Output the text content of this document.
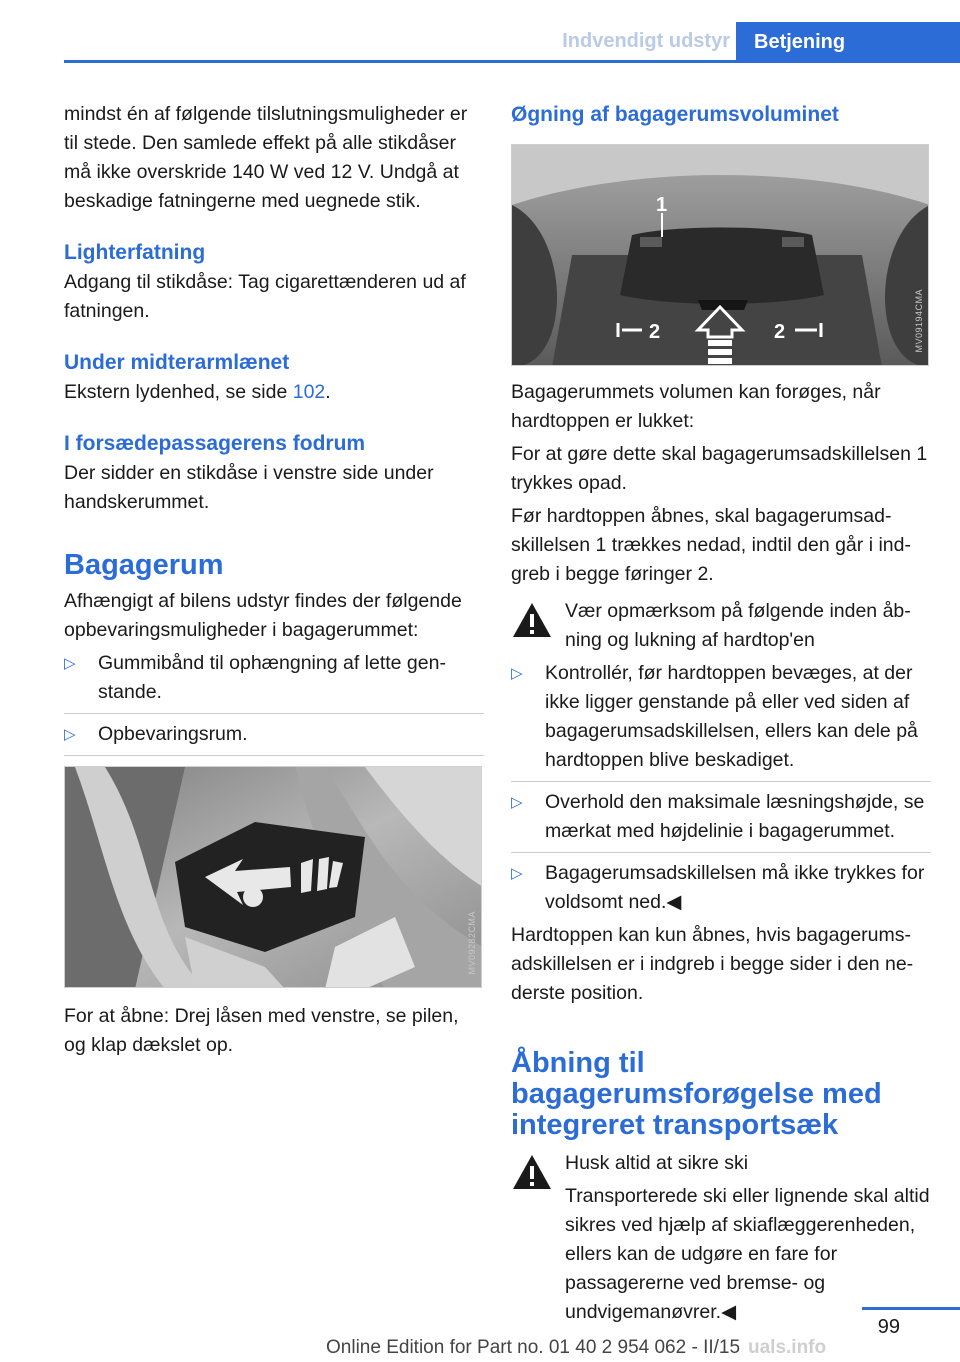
Indvendigt udstyr	Betjening

mindst én af følgende tilslutningsmuligheder er til stede. Den samlede effekt på alle stikdåser må ikke overskride 140 W ved 12 V. Undgå at beskadige fatningerne med uegnede stik.

Lighterfatning

Adgang til stikdåse: Tag cigarettænderen ud af fatningen.

Under midterarmlænet

Ekstern lydenhed, se side 102.

I forsædepassagerens fodrum

Der sidder en stikdåse i venstre side under handskerummet.

Bagagerum

Afhængigt af bilens udstyr findes der følgende opbevaringsmuligheder i bagagerummet:

▷ Gummibånd til ophængning af lette genstande.
▷ Opbevaringsrum.
MV09282CMA

For at åbne: Drej låsen med venstre, se pilen, og klap dækslet op.

Øgning af bagagerumsvoluminet
1
2	2	MV09194CMA

Bagagerummets volumen kan forøges, når hardtoppen er lukket:

For at gøre dette skal bagagerumsadskillelsen 1 trykkes opad.

Før hardtoppen åbnes, skal bagagerumsadskillelsen 1 trækkes nedad, indtil den går i indgreb i begge føringer 2.

Vær opmærksom på følgende inden åbning og lukning af hardtop'en

▷ Kontrollér, før hardtoppen bevæges, at der ikke ligger genstande på eller ved siden af bagagerumsadskillelsen, ellers kan dele på hardtoppen blive beskadiget.
▷ Overhold den maksimale læsningshøjde, se mærkat med højdelinie i bagagerummet.
▷ Bagagerumsadskillelsen må ikke trykkes for voldsomt ned.◀

Hardtoppen kan kun åbnes, hvis bagagerumsadskillelsen er i indgreb i begge sider i den nederste position.

Åbning til bagagerumsforøgelse med integreret transportsæk

Husk altid at sikre ski

Transporterede ski eller lignende skal altid sikres ved hjælp af skiaflæggerenheden, ellers kan de udgøre en fare for passagererne ved bremse- og undvigemanøvrer.◀

99
Online Edition for Part no. 01 40 2 954 062 - II/15 uals.info
